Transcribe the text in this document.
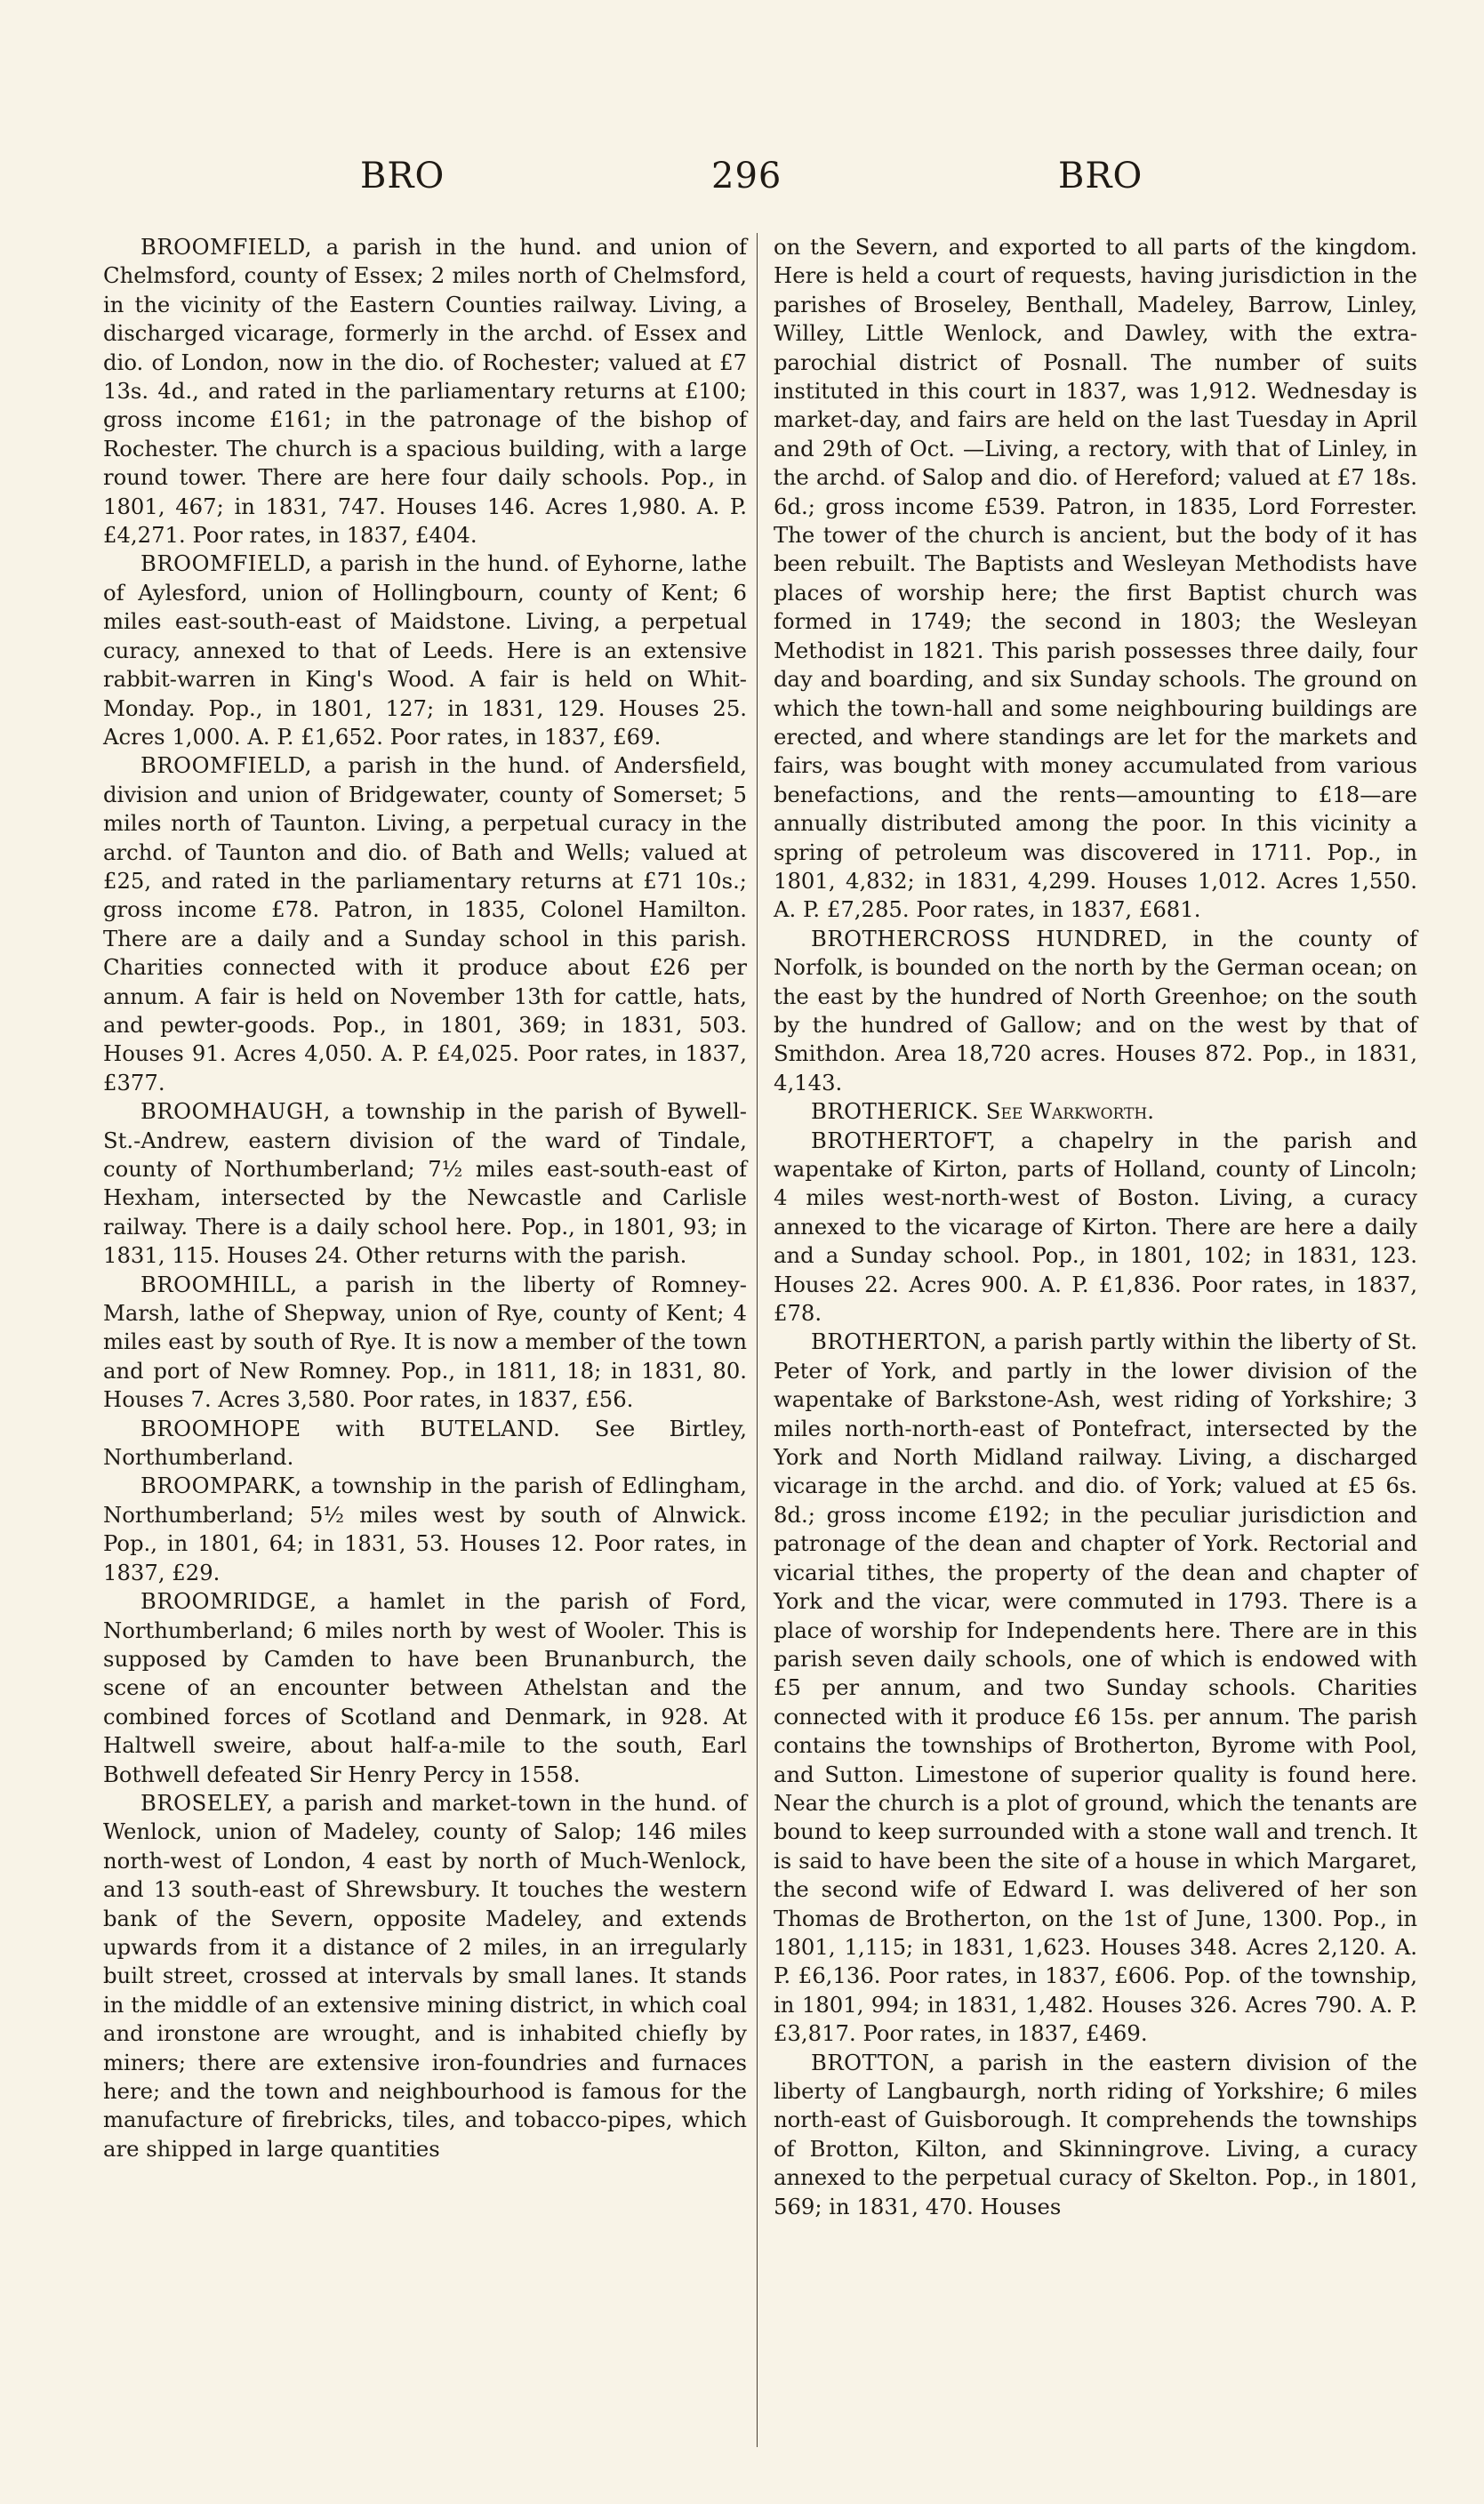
BRO	296	BRO

BROOMFIELD, a parish in the hund. and union of Chelmsford, county of Essex; 2 miles north of Chelmsford, in the vicinity of the Eastern Counties railway. Living, a discharged vicarage, formerly in the archd. of Essex and dio. of London, now in the dio. of Rochester; valued at £7 13s. 4d., and rated in the parliamentary returns at £100; gross income £161; in the patronage of the bishop of Rochester. The church is a spacious building, with a large round tower. There are here four daily schools. Pop., in 1801, 467; in 1831, 747. Houses 146. Acres 1,980. A. P. £4,271. Poor rates, in 1837, £404.

BROOMFIELD, a parish in the hund. of Eyhorne, lathe of Aylesford, union of Hollingbourn, county of Kent; 6 miles east-south-east of Maidstone. Living, a perpetual curacy, annexed to that of Leeds. Here is an extensive rabbit-warren in King's Wood. A fair is held on Whit-Monday. Pop., in 1801, 127; in 1831, 129. Houses 25. Acres 1,000. A. P. £1,652. Poor rates, in 1837, £69.

BROOMFIELD, a parish in the hund. of Andersfield, division and union of Bridgewater, county of Somerset; 5 miles north of Taunton. Living, a perpetual curacy in the archd. of Taunton and dio. of Bath and Wells; valued at £25, and rated in the parliamentary returns at £71 10s.; gross income £78. Patron, in 1835, Colonel Hamilton. There are a daily and a Sunday school in this parish. Charities connected with it produce about £26 per annum. A fair is held on November 13th for cattle, hats, and pewter-goods. Pop., in 1801, 369; in 1831, 503. Houses 91. Acres 4,050. A. P. £4,025. Poor rates, in 1837, £377.

BROOMHAUGH, a township in the parish of Bywell-St.-Andrew, eastern division of the ward of Tindale, county of Northumberland; 7½ miles east-south-east of Hexham, intersected by the Newcastle and Carlisle railway. There is a daily school here. Pop., in 1801, 93; in 1831, 115. Houses 24. Other returns with the parish.

BROOMHILL, a parish in the liberty of Romney-Marsh, lathe of Shepway, union of Rye, county of Kent; 4 miles east by south of Rye. It is now a member of the town and port of New Romney. Pop., in 1811, 18; in 1831, 80. Houses 7. Acres 3,580. Poor rates, in 1837, £56.

BROOMHOPE with BUTELAND. See Birtley, Northumberland.

BROOMPARK, a township in the parish of Edlingham, Northumberland; 5½ miles west by south of Alnwick. Pop., in 1801, 64; in 1831, 53. Houses 12. Poor rates, in 1837, £29.

BROOMRIDGE, a hamlet in the parish of Ford, Northumberland; 6 miles north by west of Wooler. This is supposed by Camden to have been Brunanburch, the scene of an encounter between Athelstan and the combined forces of Scotland and Denmark, in 928. At Haltwell sweire, about half-a-mile to the south, Earl Bothwell defeated Sir Henry Percy in 1558.

BROSELEY, a parish and market-town in the hund. of Wenlock, union of Madeley, county of Salop; 146 miles north-west of London, 4 east by north of Much-Wenlock, and 13 south-east of Shrewsbury. It touches the western bank of the Severn, opposite Madeley, and extends upwards from it a distance of 2 miles, in an irregularly built street, crossed at intervals by small lanes. It stands in the middle of an extensive mining district, in which coal and ironstone are wrought, and is inhabited chiefly by miners; there are extensive iron-foundries and furnaces here; and the town and neighbourhood is famous for the manufacture of firebricks, tiles, and tobacco-pipes, which are shipped in large quantities

on the Severn, and exported to all parts of the kingdom. Here is held a court of requests, having jurisdiction in the parishes of Broseley, Benthall, Madeley, Barrow, Linley, Willey, Little Wenlock, and Dawley, with the extra-parochial district of Posnall. The number of suits instituted in this court in 1837, was 1,912. Wednesday is market-day, and fairs are held on the last Tuesday in April and 29th of Oct. —Living, a rectory, with that of Linley, in the archd. of Salop and dio. of Hereford; valued at £7 18s. 6d.; gross income £539. Patron, in 1835, Lord Forrester. The tower of the church is ancient, but the body of it has been rebuilt. The Baptists and Wesleyan Methodists have places of worship here; the first Baptist church was formed in 1749; the second in 1803; the Wesleyan Methodist in 1821. This parish possesses three daily, four day and boarding, and six Sunday schools. The ground on which the town-hall and some neighbouring buildings are erected, and where standings are let for the markets and fairs, was bought with money accumulated from various benefactions, and the rents—amounting to £18—are annually distributed among the poor. In this vicinity a spring of petroleum was discovered in 1711. Pop., in 1801, 4,832; in 1831, 4,299. Houses 1,012. Acres 1,550. A. P. £7,285. Poor rates, in 1837, £681.

BROTHERCROSS HUNDRED, in the county of Norfolk, is bounded on the north by the German ocean; on the east by the hundred of North Greenhoe; on the south by the hundred of Gallow; and on the west by that of Smithdon. Area 18,720 acres. Houses 872. Pop., in 1831, 4,143.

BROTHERICK. See Warkworth.

BROTHERTOFT, a chapelry in the parish and wapentake of Kirton, parts of Holland, county of Lincoln; 4 miles west-north-west of Boston. Living, a curacy annexed to the vicarage of Kirton. There are here a daily and a Sunday school. Pop., in 1801, 102; in 1831, 123. Houses 22. Acres 900. A. P. £1,836. Poor rates, in 1837, £78.

BROTHERTON, a parish partly within the liberty of St. Peter of York, and partly in the lower division of the wapentake of Barkstone-Ash, west riding of Yorkshire; 3 miles north-north-east of Pontefract, intersected by the York and North Midland railway. Living, a discharged vicarage in the archd. and dio. of York; valued at £5 6s. 8d.; gross income £192; in the peculiar jurisdiction and patronage of the dean and chapter of York. Rectorial and vicarial tithes, the property of the dean and chapter of York and the vicar, were commuted in 1793. There is a place of worship for Independents here. There are in this parish seven daily schools, one of which is endowed with £5 per annum, and two Sunday schools. Charities connected with it produce £6 15s. per annum. The parish contains the townships of Brotherton, Byrome with Pool, and Sutton. Limestone of superior quality is found here. Near the church is a plot of ground, which the tenants are bound to keep surrounded with a stone wall and trench. It is said to have been the site of a house in which Margaret, the second wife of Edward I. was delivered of her son Thomas de Brotherton, on the 1st of June, 1300. Pop., in 1801, 1,115; in 1831, 1,623. Houses 348. Acres 2,120. A. P. £6,136. Poor rates, in 1837, £606. Pop. of the township, in 1801, 994; in 1831, 1,482. Houses 326. Acres 790. A. P. £3,817. Poor rates, in 1837, £469.

BROTTON, a parish in the eastern division of the liberty of Langbaurgh, north riding of Yorkshire; 6 miles north-east of Guisborough. It comprehends the townships of Brotton, Kilton, and Skinningrove. Living, a curacy annexed to the perpetual curacy of Skelton. Pop., in 1801, 569; in 1831, 470. Houses
